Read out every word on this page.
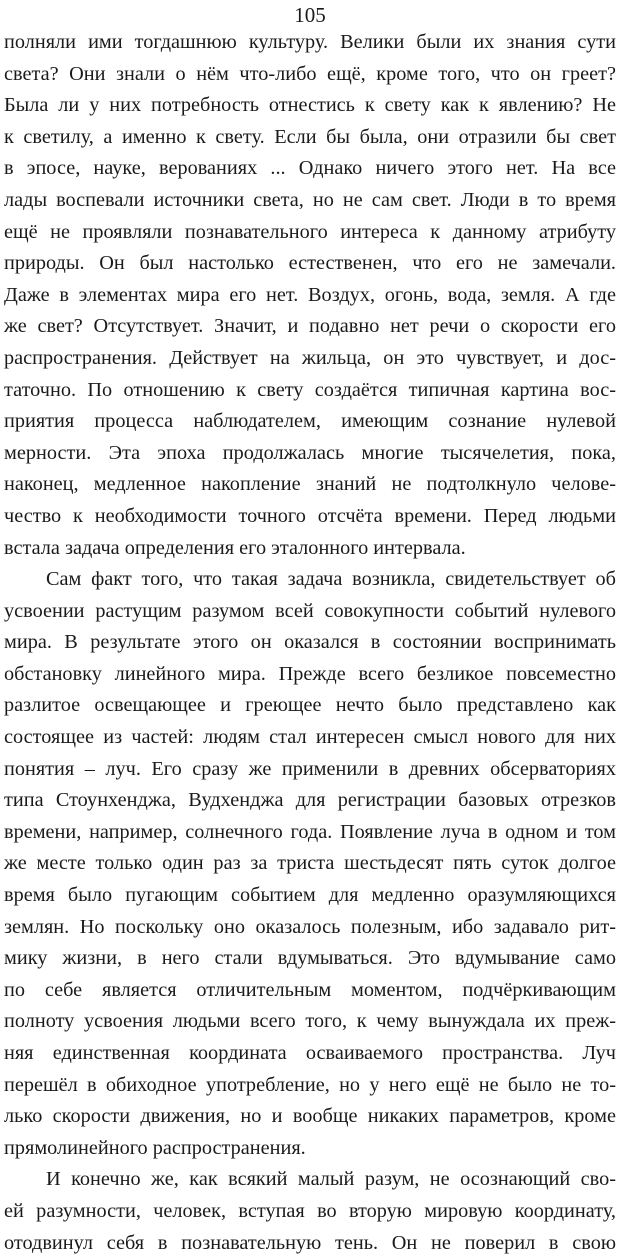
105
полняли ими тогдашнюю культуру. Велики были их знания сути
света? Они знали о нём что-либо ещё, кроме того, что он греет?
Была ли у них потребность отнестись к свету как к явлению? Не
к светилу, а именно к свету. Если бы была, они отразили бы свет
в эпосе, науке, верованиях ... Однако ничего этого нет. На все
лады воспевали источники света, но не сам свет. Люди в то время
ещё не проявляли познавательного интереса к данному атрибуту
природы. Он был настолько естественен, что его не замечали.
Даже в элементах мира его нет. Воздух, огонь, вода, земля. А где
же свет? Отсутствует. Значит, и подавно нет речи о скорости его
распространения. Действует на жильца, он это чувствует, и дос-
таточно. По отношению к свету создаётся типичная картина вос-
приятия процесса наблюдателем, имеющим сознание нулевой
мерности. Эта эпоха продолжалась многие тысячелетия, пока,
наконец, медленное накопление знаний не подтолкнуло челове-
чество к необходимости точного отсчёта времени. Перед людьми
встала задача определения его эталонного интервала.
Сам факт того, что такая задача возникла, свидетельствует об
усвоении растущим разумом всей совокупности событий нулевого
мира. В результате этого он оказался в состоянии воспринимать
обстановку линейного мира. Прежде всего безликое повсеместно
разлитое освещающее и греющее нечто было представлено как
состоящее из частей: людям стал интересен смысл нового для них
понятия – луч. Его сразу же применили в древних обсерваториях
типа Стоунхенджа, Вудхенджа для регистрации базовых отрезков
времени, например, солнечного года. Появление луча в одном и том
же месте только один раз за триста шестьдесят пять суток долгое
время было пугающим событием для медленно оразумляющихся
землян. Но поскольку оно оказалось полезным, ибо задавало рит-
мику жизни, в него стали вдумываться. Это вдумывание само
по себе является отличительным моментом, подчёркивающим
полноту усвоения людьми всего того, к чему вынуждала их преж-
няя единственная координата осваиваемого пространства. Луч
перешёл в обиходное употребление, но у него ещё не было не то-
лько скорости движения, но и вообще никаких параметров, кроме
прямолинейного распространения.
И конечно же, как всякий малый разум, не осознающий сво-
ей разумности, человек, вступая во вторую мировую координату,
отодвинул себя в познавательную тень. Он не поверил в свою
